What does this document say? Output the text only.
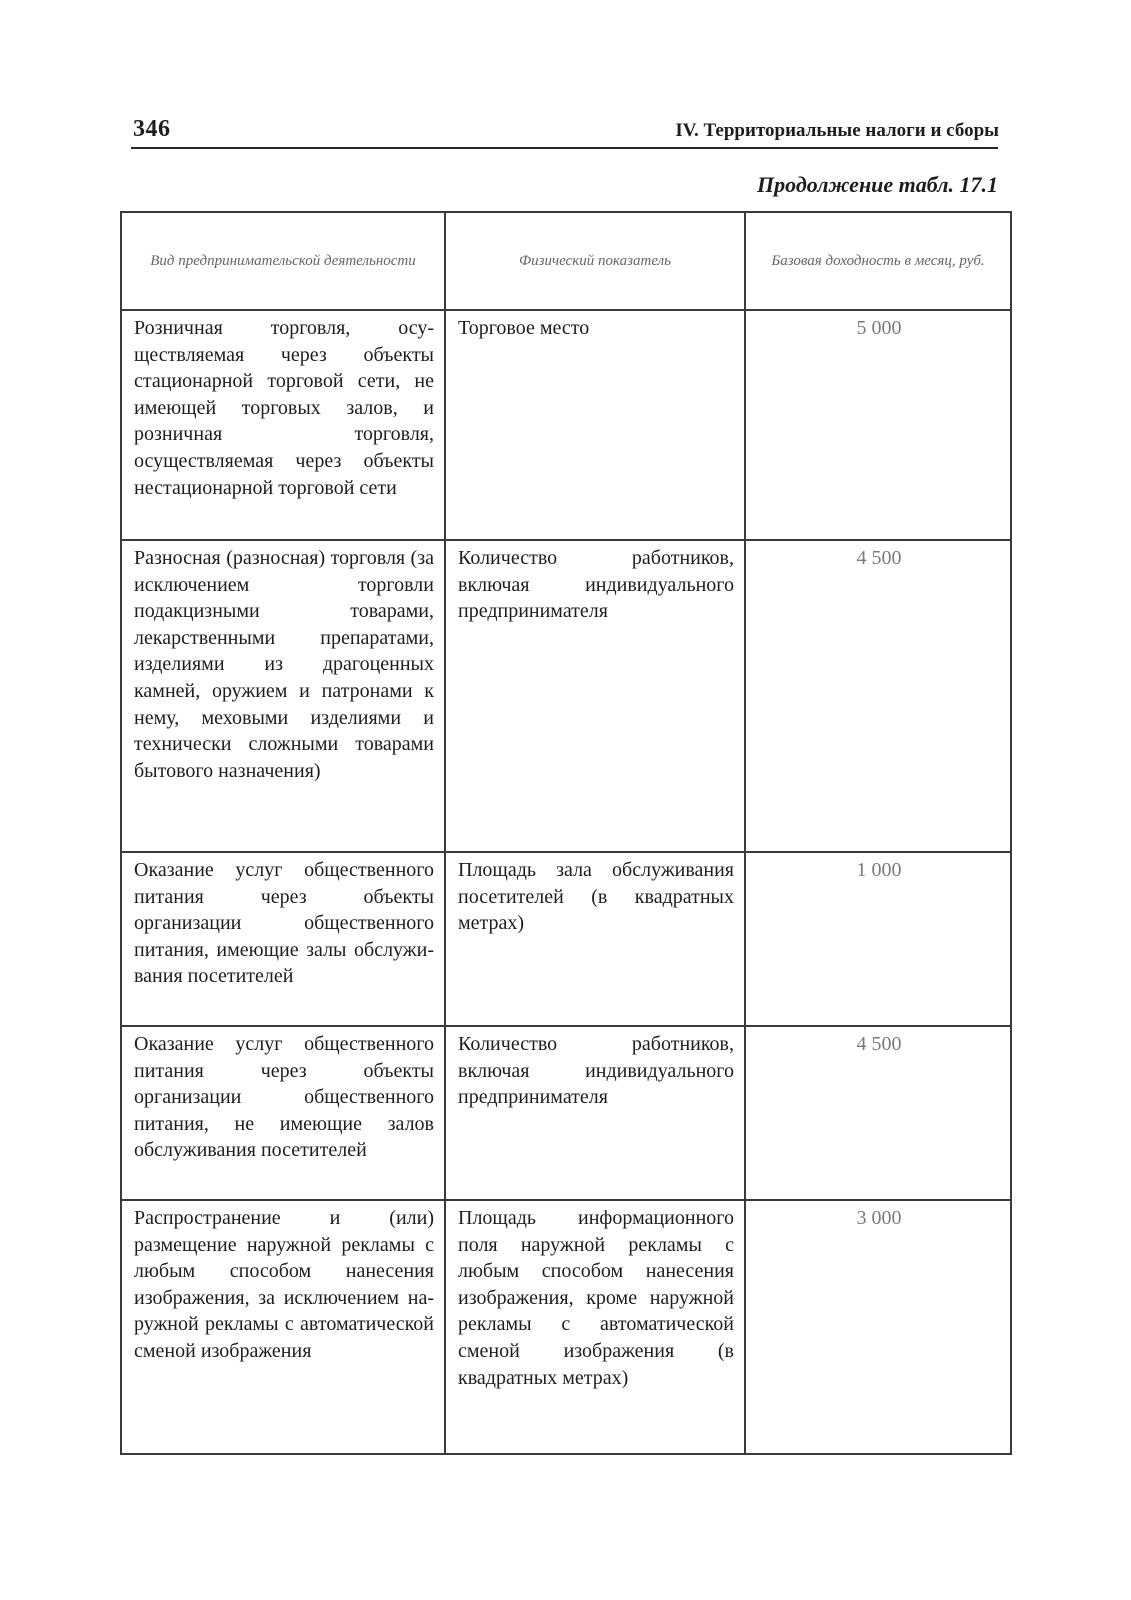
346	IV. Территориальные налоги и сборы
Продолжение табл. 17.1
Вид предпринимательской деятельности	Физический показатель	Базовая доходность в месяц, руб.
Розничная торговля, осуществляемая через объекты стационарной торговой сети, не имеющей торговых залов, и розничная торговля, осуществляемая через объекты нестационарной торговой сети	Торговое место	5 000
Разносная (разносная) торговля (за исключением торговли подакцизными товарами, лекарственными препаратами, изделиями из драгоценных камней, оружием и патронами к нему, меховыми изделиями и технически сложными товарами бытового назначения)	Количество работников, включая индивидуального предпринимателя	4 500
Оказание услуг общественного питания через объекты организации общественного питания, имеющие залы обслуживания посетителей	Площадь зала обслуживания посетителей (в квадратных метрах)	1 000
Оказание услуг общественного питания через объекты организации общественного питания, не имеющие залов обслуживания посетителей	Количество работников, включая индивидуального предпринимателя	4 500
Распространение и (или) размещение наружной рекламы с любым способом нанесения изображения, за исключением наружной рекламы с автоматической сменой изображения	Площадь информационного поля наружной рекламы с любым способом нанесения изображения, кроме наружной рекламы с автоматической сменой изображения (в квадратных метрах)	3 000
